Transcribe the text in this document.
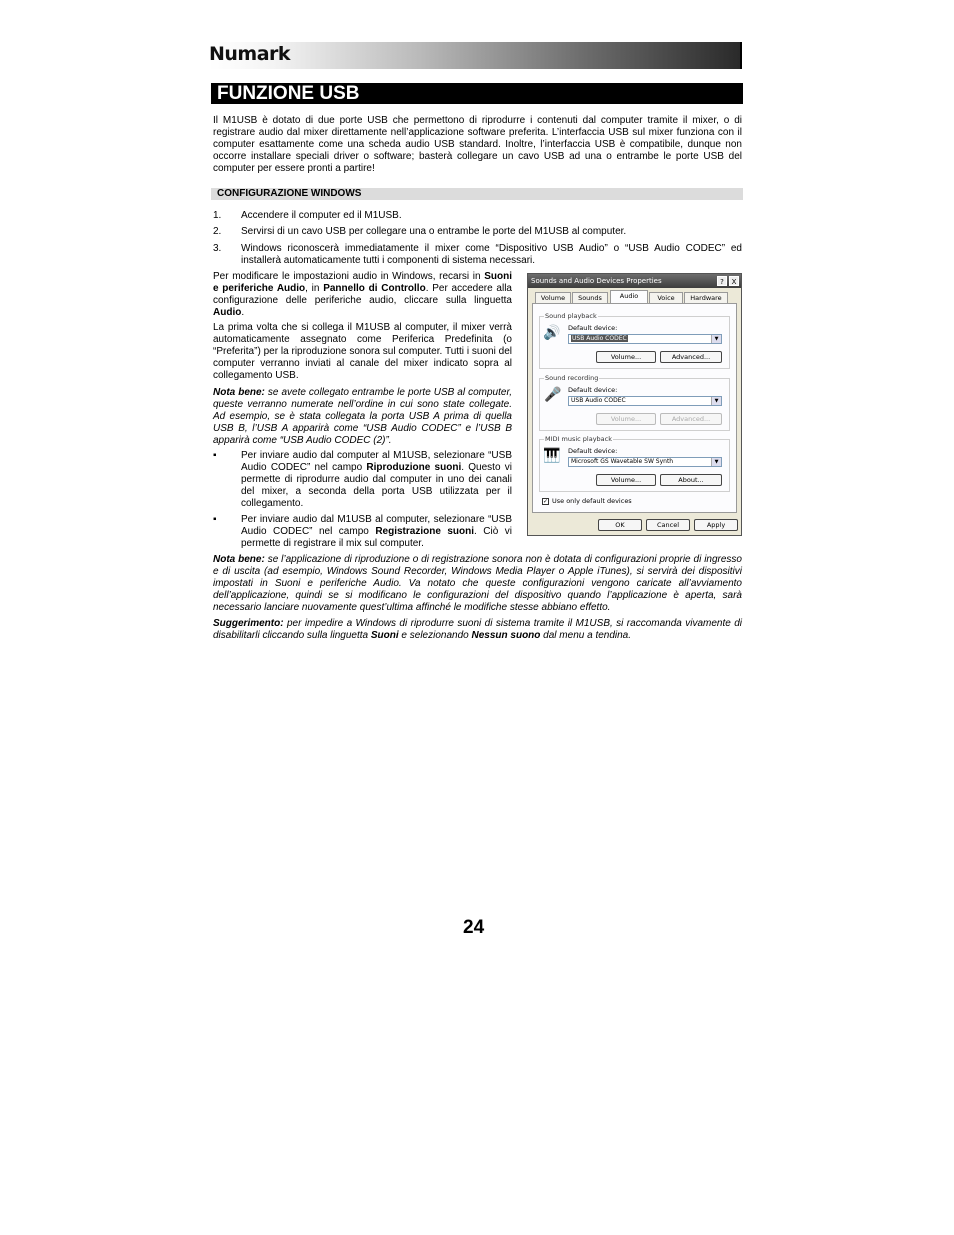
Numark
FUNZIONE USB

Il M1USB è dotato di due porte USB che permettono di riprodurre i contenuti dal computer tramite il mixer, o di registrare audio dal mixer direttamente nell’applicazione software preferita. L’interfaccia USB sul mixer funziona con il computer esattamente come una scheda audio USB standard. Inoltre, l’interfaccia USB è compatibile, dunque non occorre installare speciali driver o software; basterà collegare un cavo USB ad una o entrambe le porte USB del computer per essere pronti a partire!

CONFIGURAZIONE WINDOWS
1. Accendere il computer ed il M1USB.
2. Servirsi di un cavo USB per collegare una o entrambe le porte del M1USB al computer.
3. Windows riconoscerà immediatamente il mixer come “Dispositivo USB Audio” o “USB Audio CODEC” ed installerà automaticamente tutti i componenti di sistema necessari.

Per modificare le impostazioni audio in Windows, recarsi in Suoni e periferiche Audio, in Pannello di Controllo. Per accedere alla configurazione delle periferiche audio, cliccare sulla linguetta Audio.

La prima volta che si collega il M1USB al computer, il mixer verrà automaticamente assegnato come Periferica Predefinita (o “Preferita”) per la riproduzione sonora sul computer. Tutti i suoni del computer verranno inviati al canale del mixer indicato sopra al collegamento USB.

Nota bene: se avete collegato entrambe le porte USB al computer, queste verranno numerate nell’ordine in cui sono state collegate. Ad esempio, se è stata collegata la porta USB A prima di quella USB B, l’USB A apparirà come “USB Audio CODEC” e l’USB B apparirà come “USB Audio CODEC (2)”.

▪ Per inviare audio dal computer al M1USB, selezionare “USB Audio CODEC” nel campo Riproduzione suoni. Questo vi permette di riprodurre audio dal computer in uno dei canali del mixer, a seconda della porta USB utilizzata per il collegamento.

▪ Per inviare audio dal M1USB al computer, selezionare “USB Audio CODEC” nel campo Registrazione suoni. Ciò vi permette di registrare il mix sul computer.

Nota bene: se l’applicazione di riproduzione o di registrazione sonora non è dotata di configurazioni proprie di ingresso e di uscita (ad esempio, Windows Sound Recorder, Windows Media Player o Apple iTunes), si servirà dei dispositivi impostati in Suoni e periferiche Audio. Va notato che queste configurazioni vengono caricate all’avviamento dell’applicazione, quindi se si modificano le configurazioni del dispositivo quando l’applicazione è aperta, sarà necessario lanciare nuovamente quest’ultima affinché le modifiche stesse abbiano effetto.

Suggerimento: per impedire a Windows di riprodurre suoni di sistema tramite il M1USB, si raccomanda vivamente di disabilitarli cliccando sulla linguetta Suoni e selezionando Nessun suono dal menu a tendina.

24
Sounds and Audio Devices Properties	?	X
Volume	Sounds	Audio	Voice	Hardware
Sound playback
🔊 Default device:
USB Audio CODEC	▼
Volume...	Advanced...
Sound recording
🎤 Default device:
USB Audio CODEC	▼
Volume...	Advanced...
MIDI music playback
🎹 Default device:
Microsoft GS Wavetable SW Synth	▼
Volume...	About...
✓ Use only default devices
OK	Cancel	Apply
